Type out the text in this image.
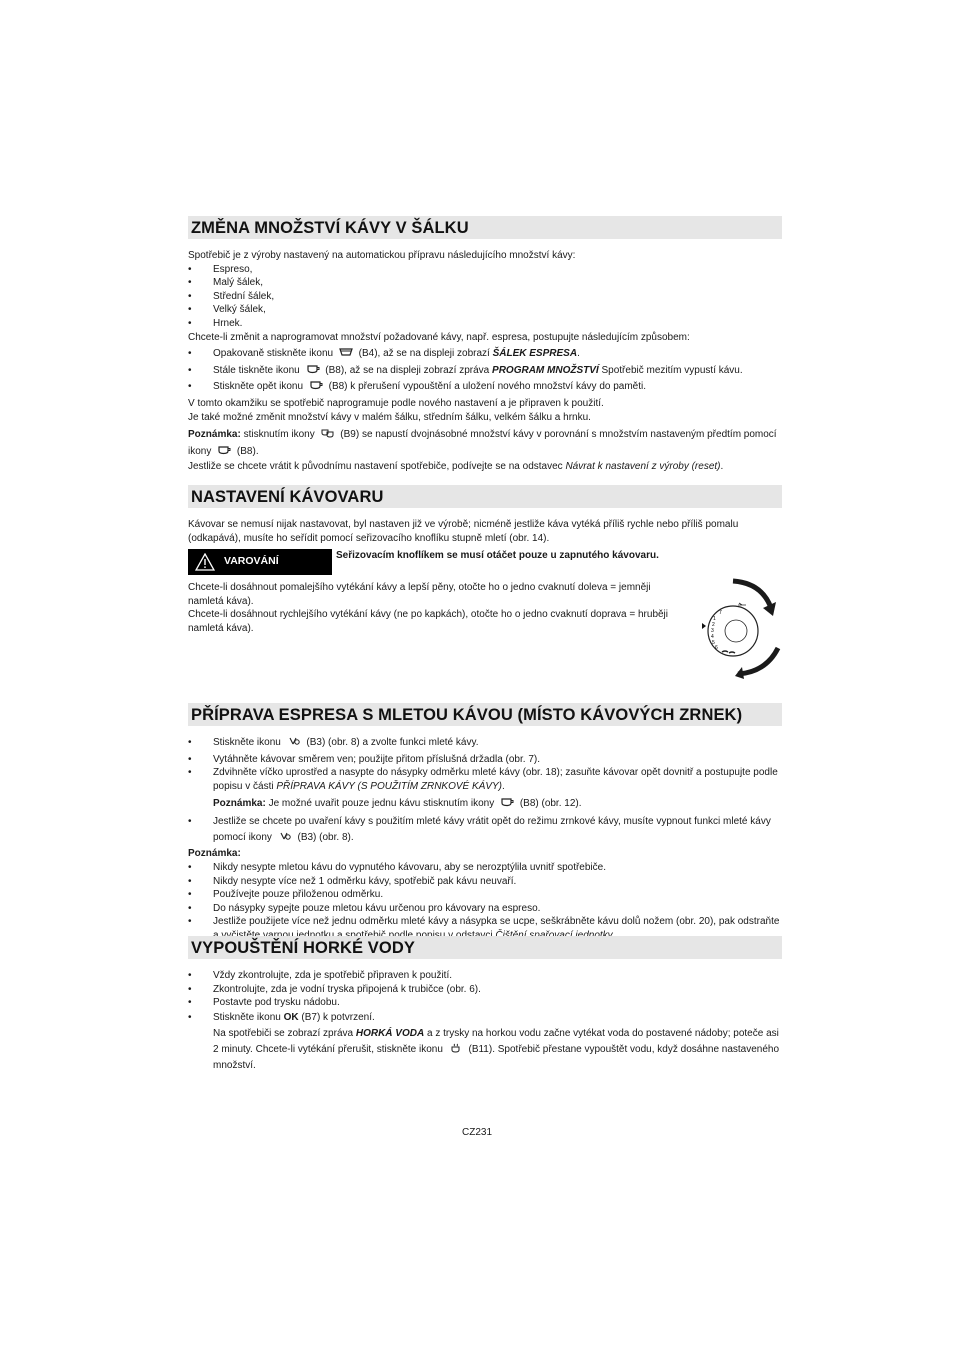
ZMĚNA MNOŽSTVÍ KÁVY V ŠÁLKU

Spotřebič je z výroby nastavený na automatickou přípravu následujícího množství kávy:

• Espreso,
• Malý šálek,
• Střední šálek,
• Velký šálek,
• Hrnek.

Chcete-li změnit a naprogramovat množství požadované kávy, např. espresa, postupujte následujícím způsobem:

• Opakovaně stiskněte ikonu	(B4), až se na displeji zobrazí ŠÁLEK ESPRESA.
• Stále tiskněte ikonu	(B8), až se na displeji zobrazí zpráva PROGRAM MNOŽSTVÍ Spotřebič mezitím vypustí kávu.
• Stiskněte opět ikonu	(B8) k přerušení vypouštění a uložení nového množství kávy do paměti.

V tomto okamžiku se spotřebič naprogramuje podle nového nastavení a je připraven k použití.

Je také možné změnit množství kávy v malém šálku, středním šálku, velkém šálku a hrnku.

Poznámka: stisknutím ikony	(B9) se napustí dvojnásobné množství kávy v porovnání s množstvím nastaveným předtím pomocí ikony	(B8).

Jestliže se chcete vrátit k původnímu nastavení spotřebiče, podívejte se na odstavec Návrat k nastavení z výroby (reset).

NASTAVENÍ KÁVOVARU

Kávovar se nemusí nijak nastavovat, byl nastaven již ve výrobě; nicméně jestliže káva vytéká příliš rychle nebo příliš pomalu (odkapává), musíte ho seřídit pomocí seřizovacího knoflíku stupně mletí (obr. 14).

VAROVÁNÍ	Seřizovacím knoflíkem se musí otáčet pouze u zapnutého kávovaru.

Chcete-li dosáhnout pomalejšího vytékání kávy a lepší pěny, otočte ho o jedno cvaknutí doleva = jemněji namletá káva).

Chcete-li dosáhnout rychlejšího vytékání kávy (ne po kapkách), otočte ho o jedno cvaknutí doprava = hruběji namletá káva).

1
2
3
4
5
6
7
PŘÍPRAVA ESPRESA S MLETOU KÁVOU (MÍSTO KÁVOVÝCH ZRNEK)
• Stiskněte ikonu	(B3) (obr. 8) a zvolte funkci mleté kávy.
• Vytáhněte kávovar směrem ven; použijte přitom příslušná držadla (obr. 7).
• Zdvihněte víčko uprostřed a nasypte do násypky odměrku mleté kávy (obr. 18); zasuňte kávovar opět dovnitř a postupujte podle popisu v části PŘÍPRAVA KÁVY (S POUŽITÍM ZRNKOVÉ KÁVY).

Poznámka: Je možné uvařit pouze jednu kávu stisknutím ikony	(B8) (obr. 12).

• Jestliže se chcete po uvaření kávy s použitím mleté kávy vrátit opět do režimu zrnkové kávy, musíte vypnout funkci mleté kávy pomocí ikony	(B3) (obr. 8).

Poznámka:

• Nikdy nesypte mletou kávu do vypnutého kávovaru, aby se nerozptýlila uvnitř spotřebiče.
• Nikdy nesypte více než 1 odměrku kávy, spotřebič pak kávu neuvaří.
• Používejte pouze přiloženou odměrku.
• Do násypky sypejte pouze mletou kávu určenou pro kávovary na espreso.
• Jestliže použijete více než jednu odměrku mleté kávy a násypka se ucpe, seškrábněte kávu dolů nožem (obr. 20), pak odstraňte
VYPOUŠTĚNÍ HORKÉ VODY
• Vždy zkontrolujte, zda je spotřebič připraven k použití.
• Zkontrolujte, zda je vodní tryska připojená k trubičce (obr. 6).
• Postavte pod trysku nádobu.
• Stiskněte ikonu OK (B7) k potvrzení.
Na spotřebiči se zobrazí zpráva HORKÁ VODA a z trysky na horkou vodu začne vytékat voda do postavené nádoby; poteče asi 2 minuty. Chcete-li vytékání přerušit, stiskněte ikonu	(B11). Spotřebič přestane vypouštět vodu, když dosáhne nastaveného množství.
CZ231
